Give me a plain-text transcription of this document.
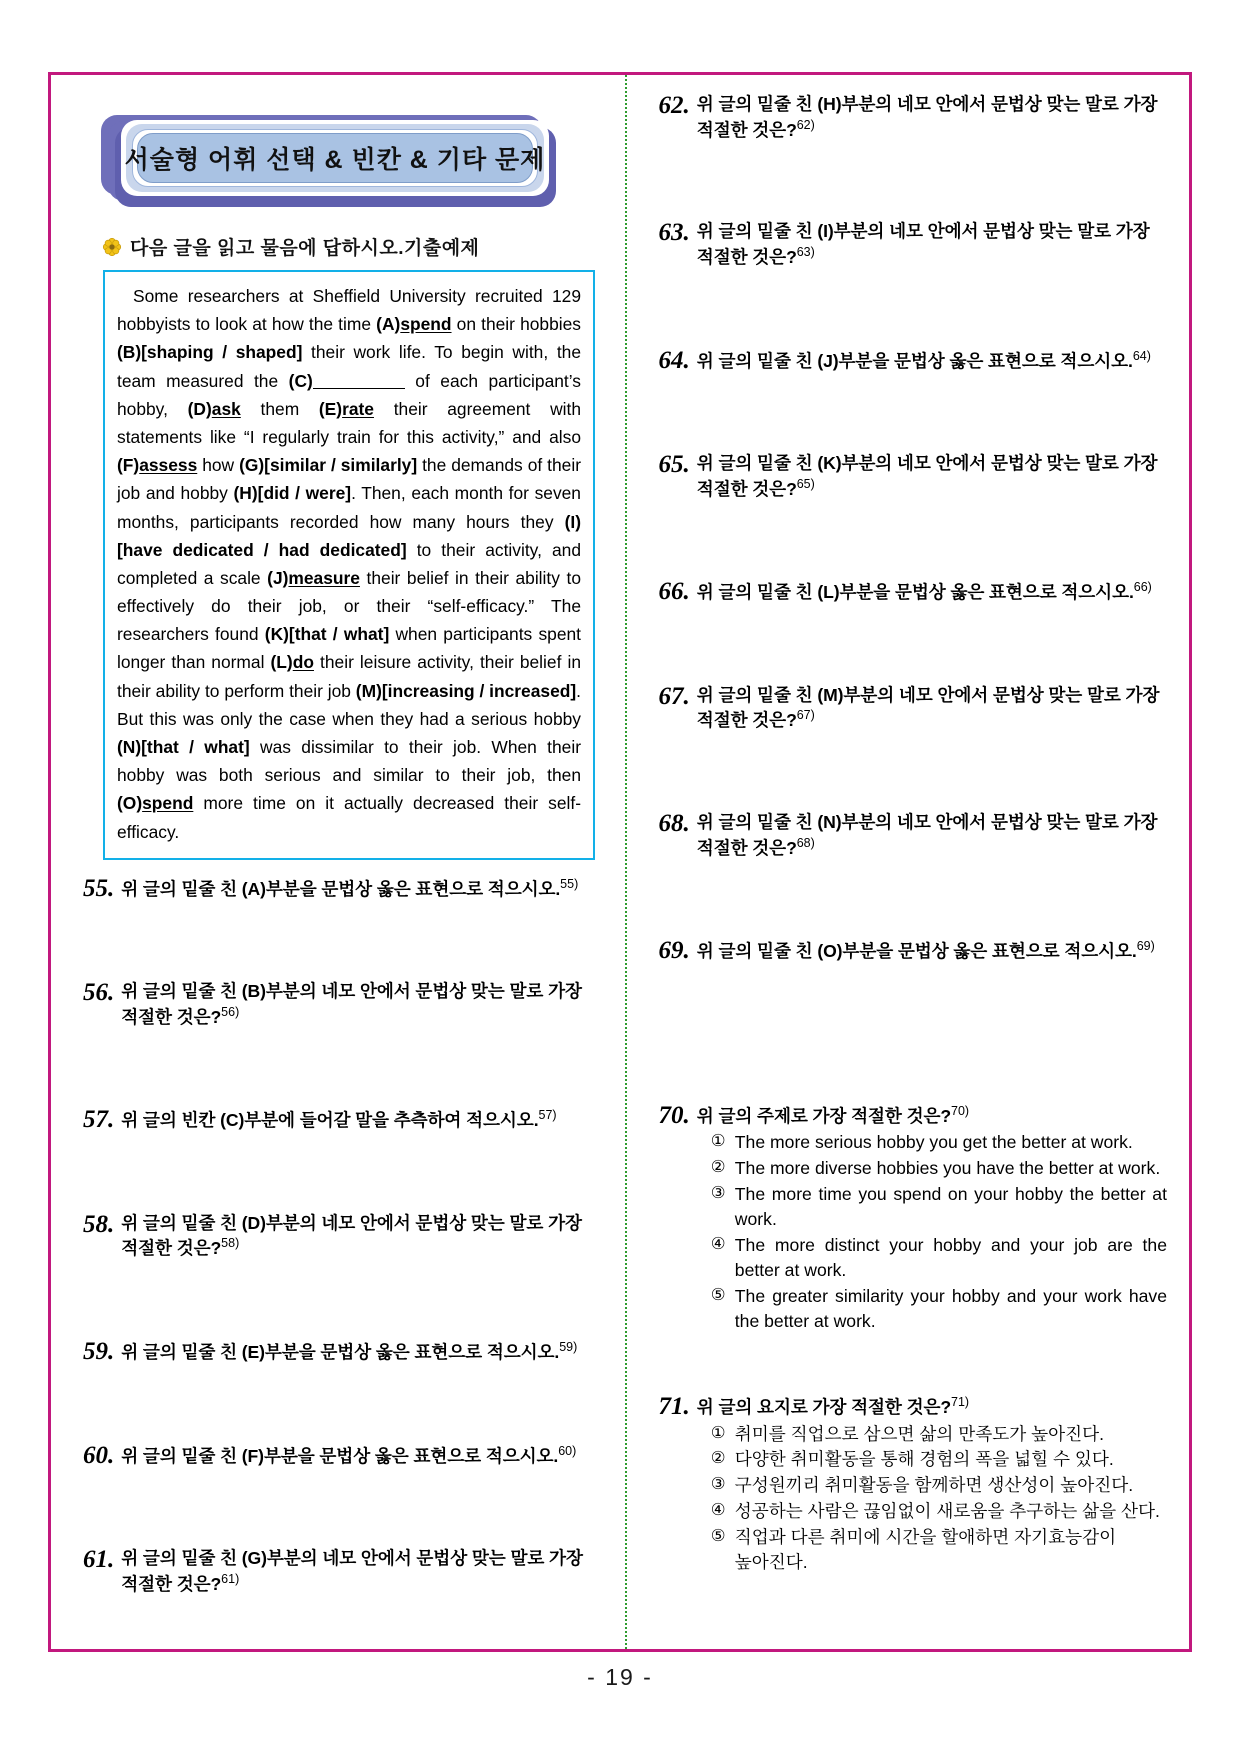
서술형 어휘 선택 & 빈칸 & 기타 문제
다음 글을 읽고 물음에 답하시오.기출예제
Some researchers at Sheffield University recruited 129 hobbyists to look at how the time (A)spend on their hobbies (B)[shaping / shaped] their work life. To begin with, the team measured the (C)	of each participant’s hobby, (D)ask them (E)rate their agreement with statements like “I regularly train for this activity,” and also (F)assess how (G)[similar / similarly] the demands of their job and hobby (H)[did / were]. Then, each month for seven months, participants recorded how many hours they (I)[have dedicated / had dedicated] to their activity, and completed a scale (J)measure their belief in their ability to effectively do their job, or their “self-efficacy.” The researchers found (K)[that / what] when participants spent longer than normal (L)do their leisure activity, their belief in their ability to perform their job (M)[increasing / increased]. But this was only the case when they had a serious hobby (N)[that / what] was dissimilar to their job. When their hobby was both serious and similar to their job, then (O)spend more time on it actually decreased their self-efficacy.
55. 위 글의 밑줄 친 (A)부분을 문법상 옳은 표현으로 적으시오.$^{55)}$
56. 위 글의 밑줄 친 (B)부분의 네모 안에서 문법상 맞는 말로 가장 적절한 것은?$^{56)}$
57. 위 글의 빈칸 (C)부분에 들어갈 말을 추측하여 적으시오.$^{57)}$
58. 위 글의 밑줄 친 (D)부분의 네모 안에서 문법상 맞는 말로 가장 적절한 것은?$^{58)}$
59. 위 글의 밑줄 친 (E)부분을 문법상 옳은 표현으로 적으시오.$^{59)}$
60. 위 글의 밑줄 친 (F)부분을 문법상 옳은 표현으로 적으시오.$^{60)}$
61. 위 글의 밑줄 친 (G)부분의 네모 안에서 문법상 맞는 말로 가장 적절한 것은?$^{61)}$
62. 위 글의 밑줄 친 (H)부분의 네모 안에서 문법상 맞는 말로 가장 적절한 것은?$^{62)}$
63. 위 글의 밑줄 친 (I)부분의 네모 안에서 문법상 맞는 말로 가장 적절한 것은?$^{63)}$
64. 위 글의 밑줄 친 (J)부분을 문법상 옳은 표현으로 적으시오.$^{64)}$
65. 위 글의 밑줄 친 (K)부분의 네모 안에서 문법상 맞는 말로 가장 적절한 것은?$^{65)}$
66. 위 글의 밑줄 친 (L)부분을 문법상 옳은 표현으로 적으시오.$^{66)}$
67. 위 글의 밑줄 친 (M)부분의 네모 안에서 문법상 맞는 말로 가장 적절한 것은?$^{67)}$
68. 위 글의 밑줄 친 (N)부분의 네모 안에서 문법상 맞는 말로 가장 적절한 것은?$^{68)}$
69. 위 글의 밑줄 친 (O)부분을 문법상 옳은 표현으로 적으시오.$^{69)}$
70. 위 글의 주제로 가장 적절한 것은?$^{70)}$
① The more serious hobby you get the better at work.
② The more diverse hobbies you have the better at work.
③ The more time you spend on your hobby the better at work.
④ The more distinct your hobby and your job are the better at work.
⑤ The greater similarity your hobby and your work have the better at work.
71. 위 글의 요지로 가장 적절한 것은?$^{71)}$
① 취미를 직업으로 삼으면 삶의 만족도가 높아진다.
② 다양한 취미활동을 통해 경험의 폭을 넓힐 수 있다.
③ 구성원끼리 취미활동을 함께하면 생산성이 높아진다.
④ 성공하는 사람은 끊임없이 새로움을 추구하는 삶을 산다.
⑤ 직업과 다른 취미에 시간을 할애하면 자기효능감이 높아진다.
- 19 -
